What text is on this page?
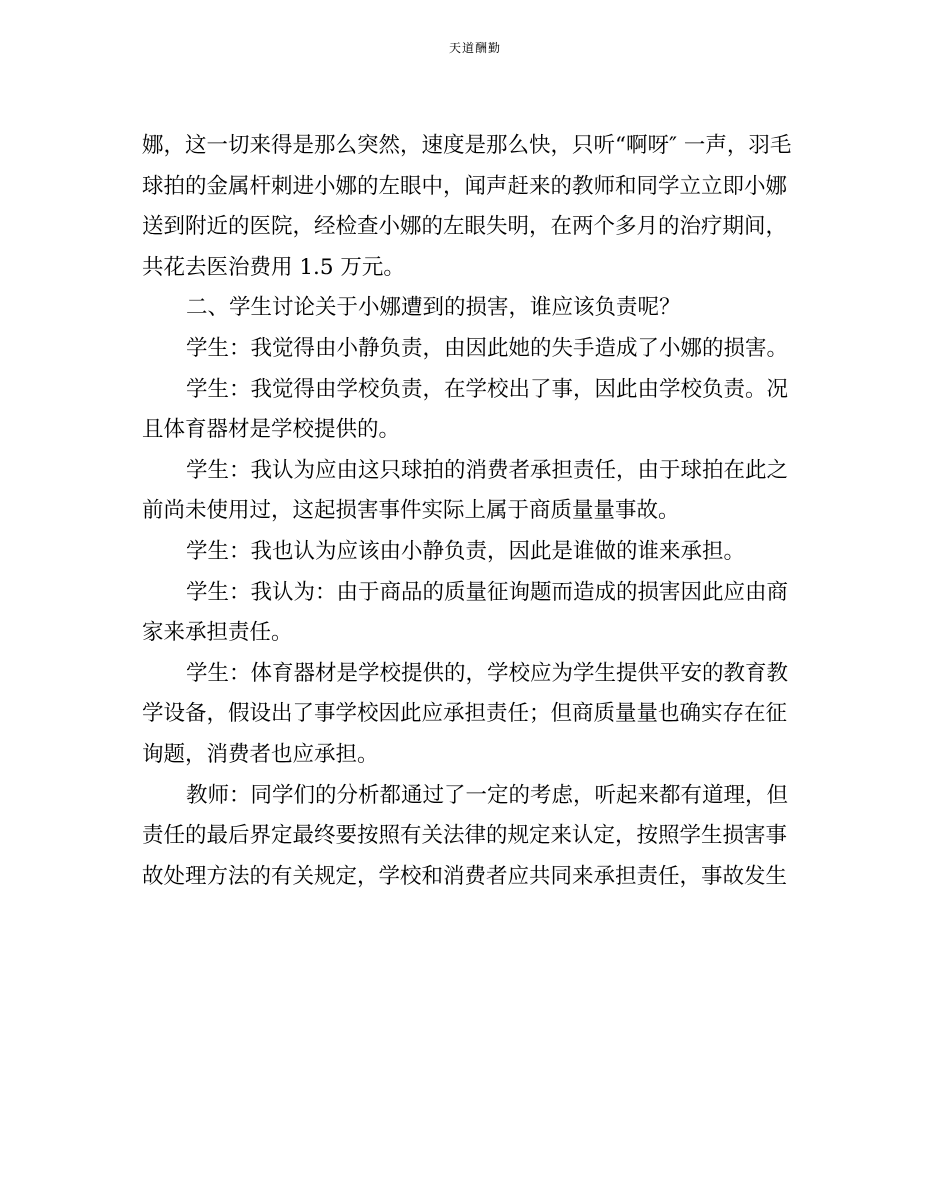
天道酬勤

娜，这一切来得是那么突然，速度是那么快，只听“啊呀″ 一声，羽毛
球拍的金属杆刺进小娜的左眼中，闻声赶来的教师和同学立立即小娜
送到附近的医院，经检查小娜的左眼失明，在两个多月的治疗期间，
共花去医治费用 1.5 万元。

二、学生讨论关于小娜遭到的损害，谁应该负责呢？

学生：我觉得由小静负责，由因此她的失手造成了小娜的损害。

学生：我觉得由学校负责，在学校出了事，因此由学校负责。况
且体育器材是学校提供的。

学生：我认为应由这只球拍的消费者承担责任，由于球拍在此之
前尚未使用过，这起损害事件实际上属于商质量量事故。

学生：我也认为应该由小静负责，因此是谁做的谁来承担。

学生：我认为：由于商品的质量征询题而造成的损害因此应由商
家来承担责任。

学生：体育器材是学校提供的，学校应为学生提供平安的教育教
学设备，假设出了事学校因此应承担责任；但商质量量也确实存在征
询题，消费者也应承担。

教师：同学们的分析都通过了一定的考虑，听起来都有道理，但
责任的最后界定最终要按照有关法律的规定来认定，按照学生损害事
故处理方法的有关规定，学校和消费者应共同来承担责任，事故发生
